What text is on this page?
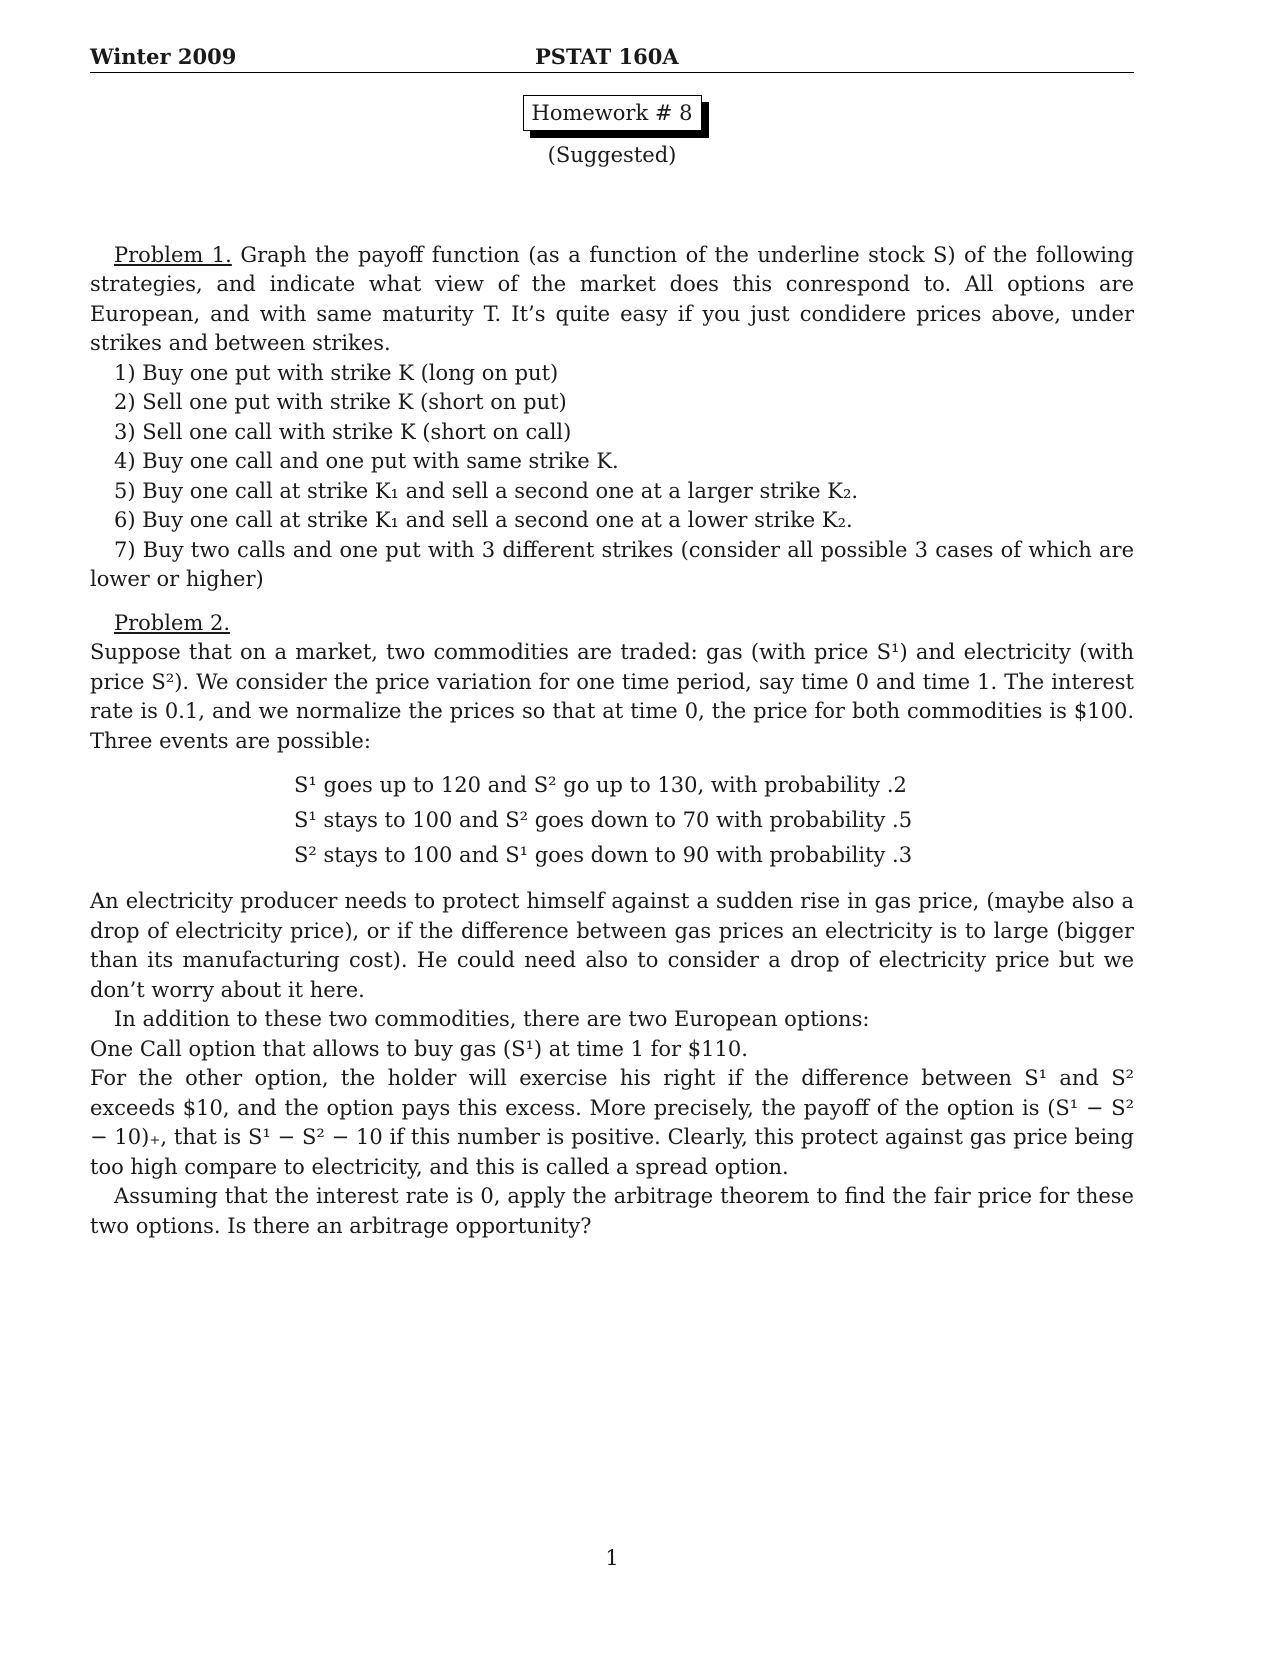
Winter 2009	PSTAT 160A
Homework # 8
(Suggested)

Problem 1. Graph the payoff function (as a function of the underline stock S) of the following strategies, and indicate what view of the market does this conrespond to. All options are European, and with same maturity T. It’s quite easy if you just condidere prices above, under strikes and between strikes.

1) Buy one put with strike K (long on put)
2) Sell one put with strike K (short on put)
3) Sell one call with strike K (short on call)
4) Buy one call and one put with same strike K.
5) Buy one call at strike K₁ and sell a second one at a larger strike K₂.
6) Buy one call at strike K₁ and sell a second one at a lower strike K₂.

7) Buy two calls and one put with 3 different strikes (consider all possible 3 cases of which are lower or higher)

Problem 2.

Suppose that on a market, two commodities are traded: gas (with price S¹) and electricity (with price S²). We consider the price variation for one time period, say time 0 and time 1. The interest rate is 0.1, and we normalize the prices so that at time 0, the price for both commodities is $100. Three events are possible:

S¹ goes up to 120 and S² go up to 130, with probability .2
S¹ stays to 100 and S² goes down to 70 with probability .5
S² stays to 100 and S¹ goes down to 90 with probability .3

An electricity producer needs to protect himself against a sudden rise in gas price, (maybe also a drop of electricity price), or if the difference between gas prices an electricity is to large (bigger than its manufacturing cost). He could need also to consider a drop of electricity price but we don’t worry about it here.

In addition to these two commodities, there are two European options:

One Call option that allows to buy gas (S¹) at time 1 for $110.

For the other option, the holder will exercise his right if the difference between S¹ and S² exceeds $10, and the option pays this excess. More precisely, the payoff of the option is (S¹ − S² − 10)₊, that is S¹ − S² − 10 if this number is positive. Clearly, this protect against gas price being too high compare to electricity, and this is called a spread option.

Assuming that the interest rate is 0, apply the arbitrage theorem to find the fair price for these two options. Is there an arbitrage opportunity?

1
